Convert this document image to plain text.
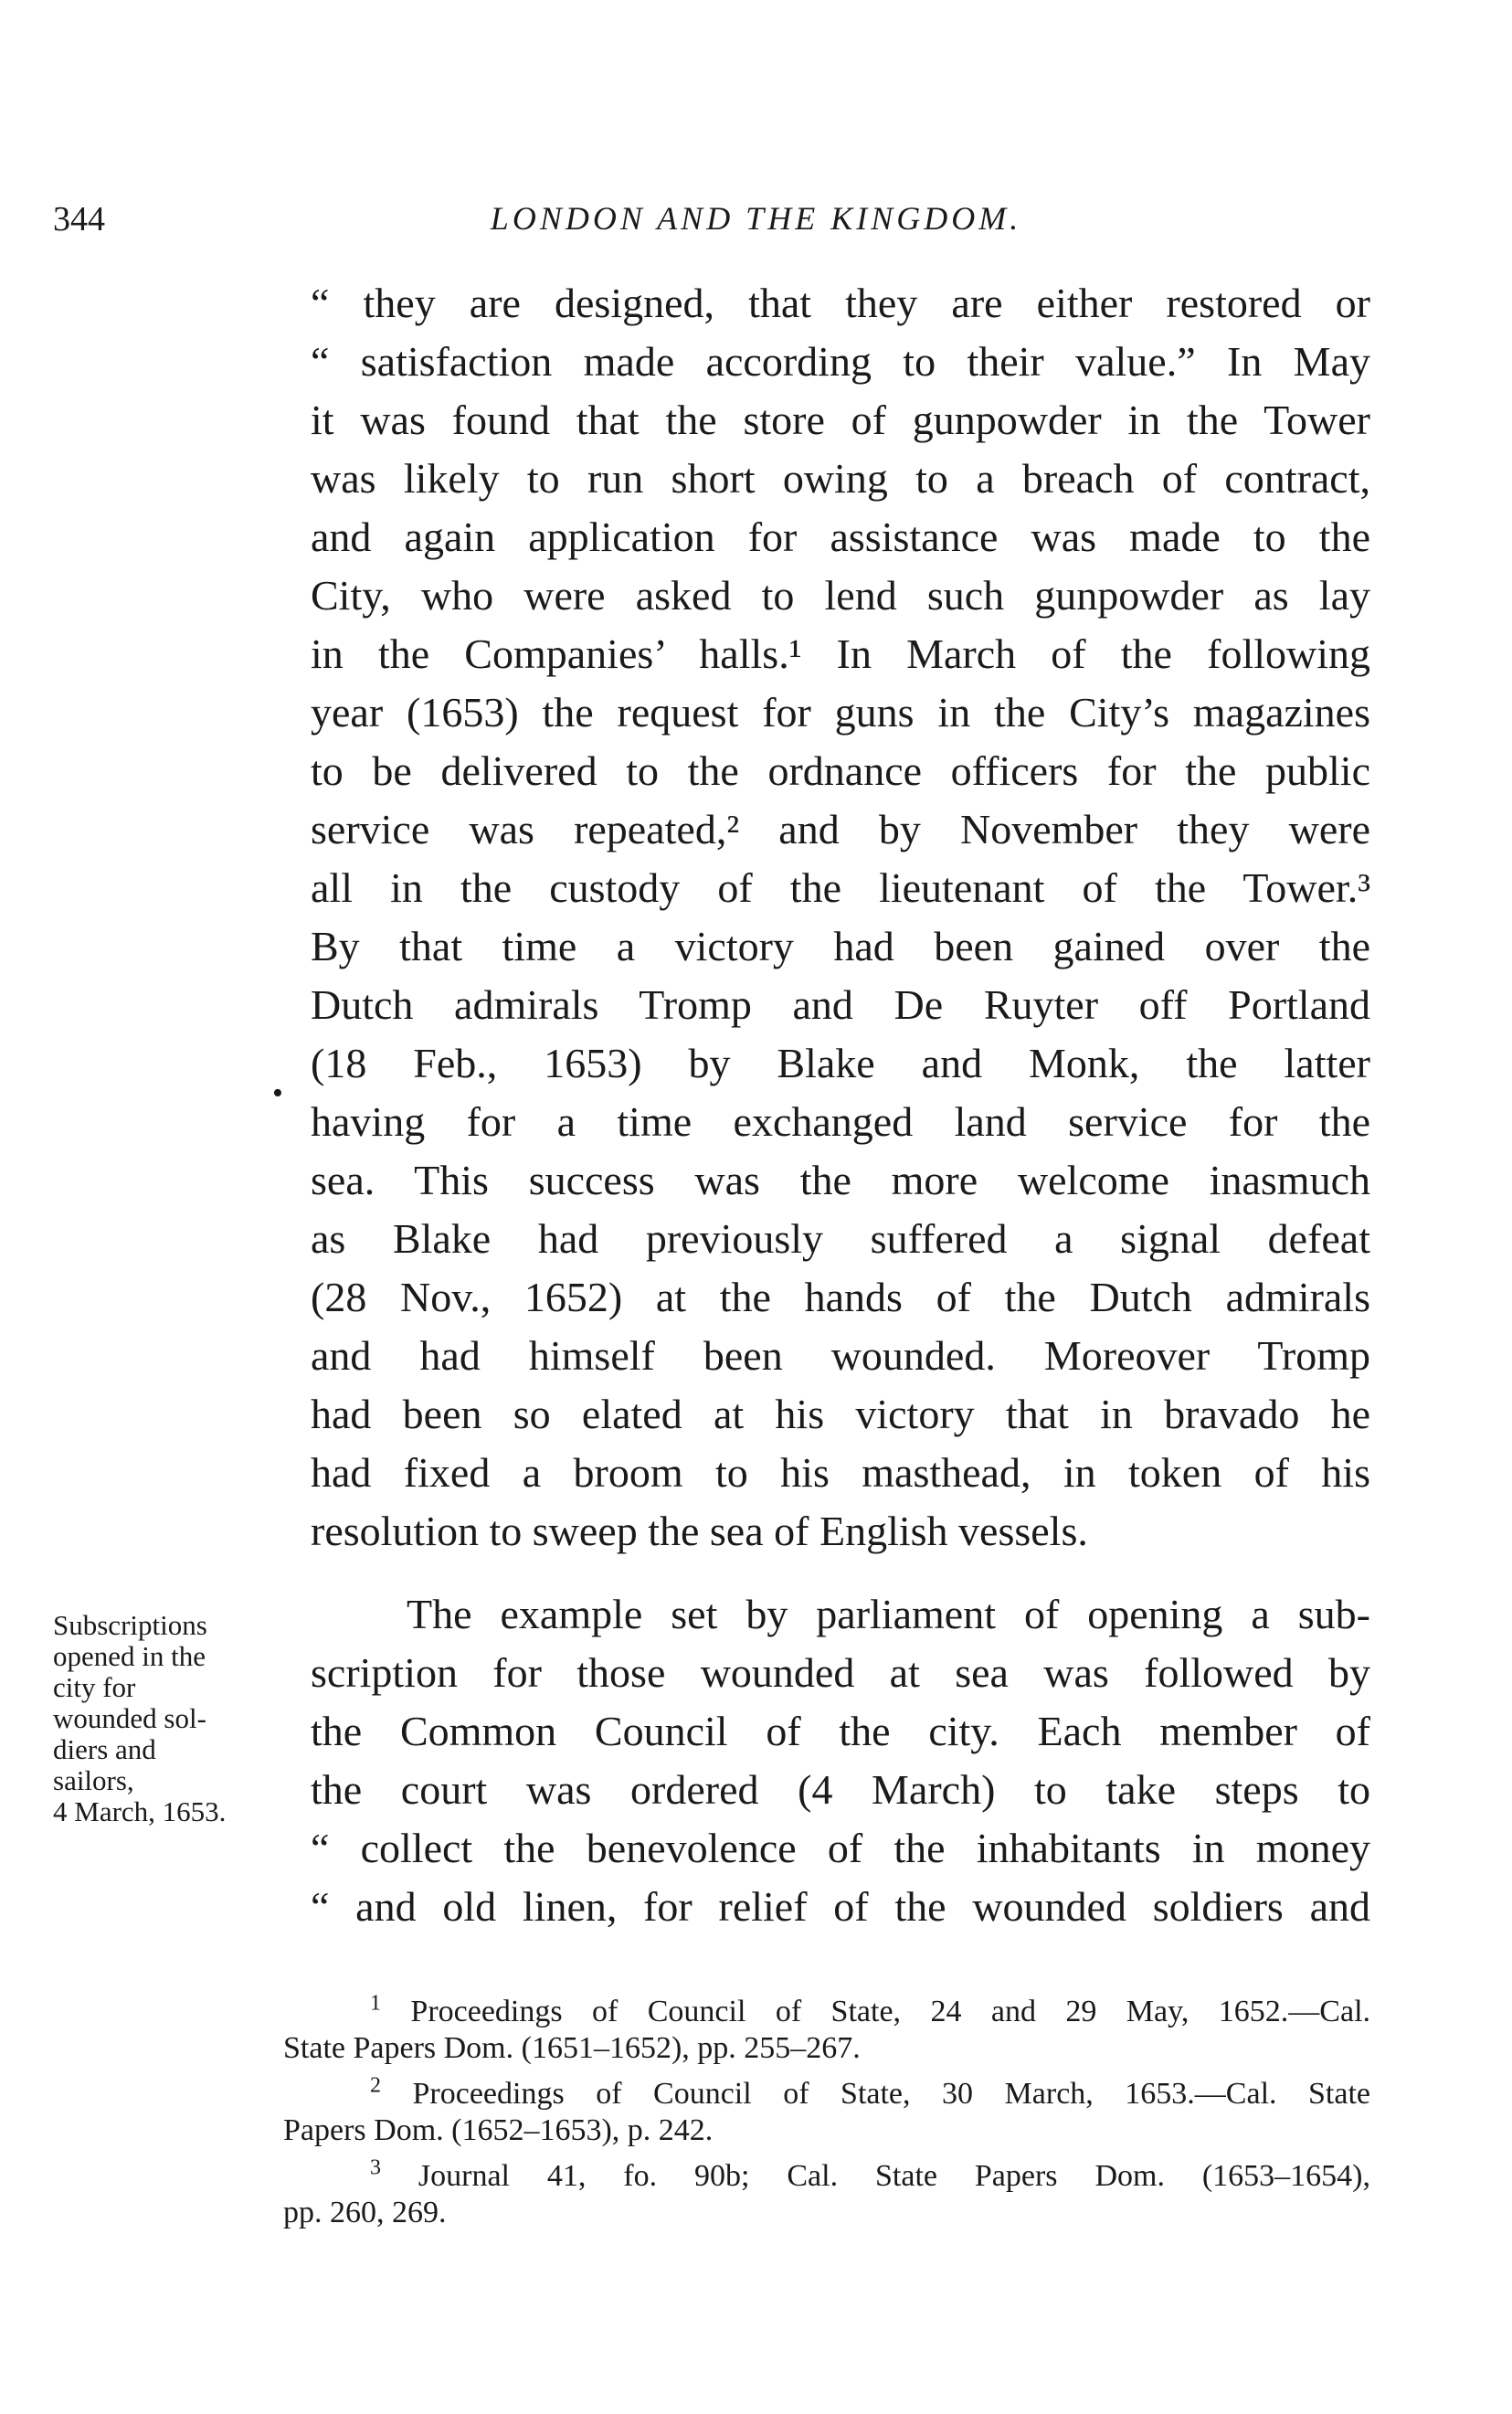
344	LONDON AND THE KINGDOM.
“ they are designed, that they are either restored or
“ satisfaction made according to their value.” In May
it was found that the store of gunpowder in the Tower
was likely to run short owing to a breach of contract,
and again application for assistance was made to the
City, who were asked to lend such gunpowder as lay
in the Companies’ halls.¹ In March of the following
year (1653) the request for guns in the City’s magazines
to be delivered to the ordnance officers for the public
service was repeated,² and by November they were
all in the custody of the lieutenant of the Tower.³
By that time a victory had been gained over the
Dutch admirals Tromp and De Ruyter off Portland
(18 Feb., 1653) by Blake and Monk, the latter
having for a time exchanged land service for the
sea. This success was the more welcome inasmuch
as Blake had previously suffered a signal defeat
(28 Nov., 1652) at the hands of the Dutch admirals
and had himself been wounded. Moreover Tromp
had been so elated at his victory that in bravado he
had fixed a broom to his masthead, in token of his
resolution to sweep the sea of English vessels.
The example set by parliament of opening a sub-
scription for those wounded at sea was followed by
the Common Council of the city. Each member of
the court was ordered (4 March) to take steps to
“ collect the benevolence of the inhabitants in money
“ and old linen, for relief of the wounded soldiers and
•
Subscriptions
opened in the
city for
wounded sol-
diers and
sailors,
4 March, 1653.
$^1$ Proceedings of Council of State, 24 and 29 May, 1652.—Cal.
State Papers Dom. (1651–1652), pp. 255–267.
$^2$ Proceedings of Council of State, 30 March, 1653.—Cal. State
Papers Dom. (1652–1653), p. 242.
$^3$ Journal 41, fo. 90b; Cal. State Papers Dom. (1653–1654),
pp. 260, 269.
